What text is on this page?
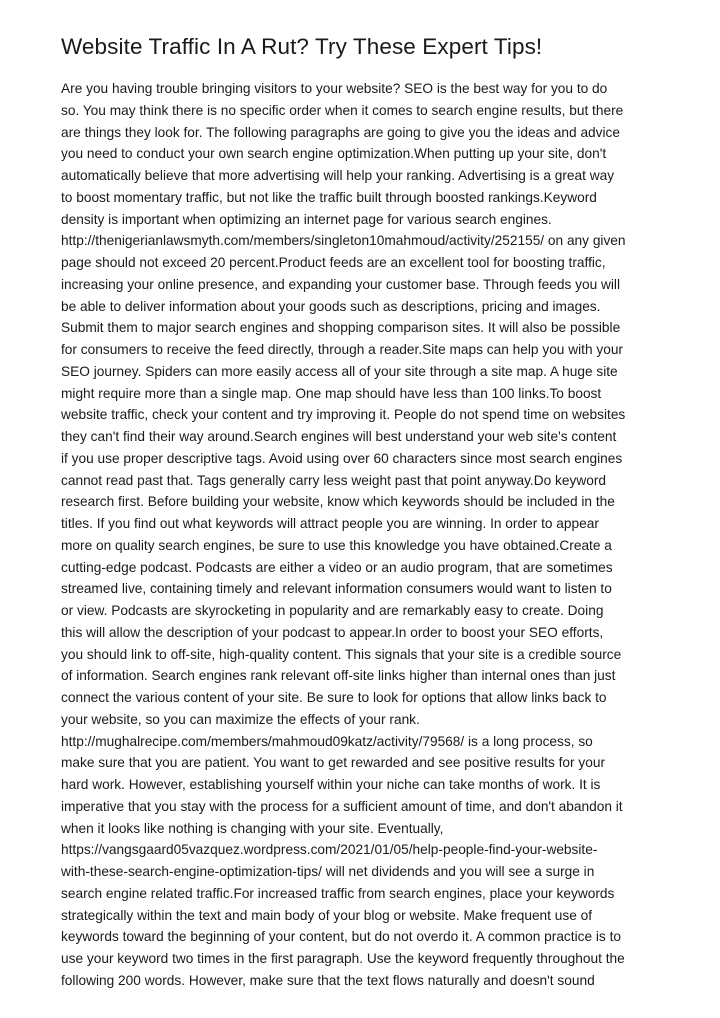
Website Traffic In A Rut? Try These Expert Tips!
Are you having trouble bringing visitors to your website? SEO is the best way for you to do
so. You may think there is no specific order when it comes to search engine results, but there
are things they look for. The following paragraphs are going to give you the ideas and advice
you need to conduct your own search engine optimization.When putting up your site, don't
automatically believe that more advertising will help your ranking. Advertising is a great way
to boost momentary traffic, but not like the traffic built through boosted rankings.Keyword
density is important when optimizing an internet page for various search engines.
http://thenigerianlawsmyth.com/members/singleton10mahmoud/activity/252155/ on any given
page should not exceed 20 percent.Product feeds are an excellent tool for boosting traffic,
increasing your online presence, and expanding your customer base. Through feeds you will
be able to deliver information about your goods such as descriptions, pricing and images.
Submit them to major search engines and shopping comparison sites. It will also be possible
for consumers to receive the feed directly, through a reader.Site maps can help you with your
SEO journey. Spiders can more easily access all of your site through a site map. A huge site
might require more than a single map. One map should have less than 100 links.To boost
website traffic, check your content and try improving it. People do not spend time on websites
they can't find their way around.Search engines will best understand your web site's content
if you use proper descriptive tags. Avoid using over 60 characters since most search engines
cannot read past that. Tags generally carry less weight past that point anyway.Do keyword
research first. Before building your website, know which keywords should be included in the
titles. If you find out what keywords will attract people you are winning. In order to appear
more on quality search engines, be sure to use this knowledge you have obtained.Create a
cutting-edge podcast. Podcasts are either a video or an audio program, that are sometimes
streamed live, containing timely and relevant information consumers would want to listen to
or view. Podcasts are skyrocketing in popularity and are remarkably easy to create. Doing
this will allow the description of your podcast to appear.In order to boost your SEO efforts,
you should link to off-site, high-quality content. This signals that your site is a credible source
of information. Search engines rank relevant off-site links higher than internal ones than just
connect the various content of your site. Be sure to look for options that allow links back to
your website, so you can maximize the effects of your rank.
http://mughalrecipe.com/members/mahmoud09katz/activity/79568/ is a long process, so
make sure that you are patient. You want to get rewarded and see positive results for your
hard work. However, establishing yourself within your niche can take months of work. It is
imperative that you stay with the process for a sufficient amount of time, and don't abandon it
when it looks like nothing is changing with your site. Eventually,
https://vangsgaard05vazquez.wordpress.com/2021/01/05/help-people-find-your-website-
with-these-search-engine-optimization-tips/ will net dividends and you will see a surge in
search engine related traffic.For increased traffic from search engines, place your keywords
strategically within the text and main body of your blog or website. Make frequent use of
keywords toward the beginning of your content, but do not overdo it. A common practice is to
use your keyword two times in the first paragraph. Use the keyword frequently throughout the
following 200 words. However, make sure that the text flows naturally and doesn't sound
